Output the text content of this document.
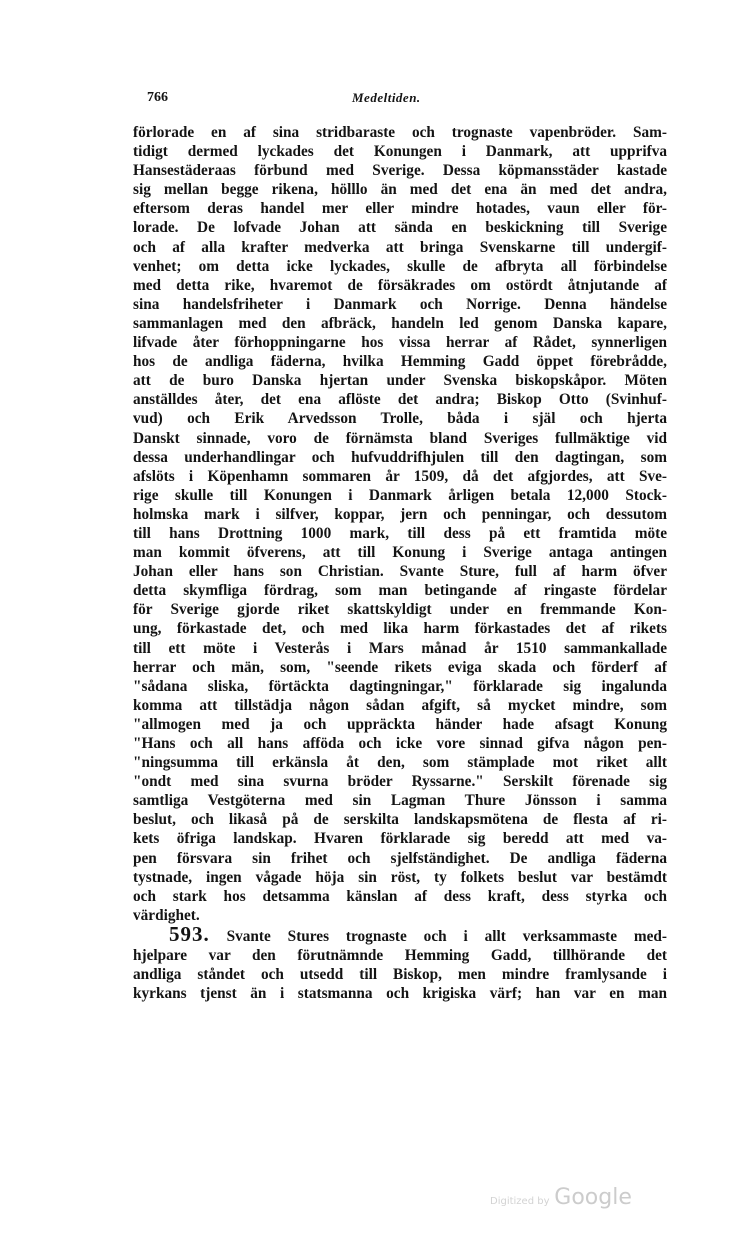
766	Medeltiden.
förlorade en af sina stridbaraste och trognaste vapenbröder. Sam-
tidigt dermed lyckades det Konungen i Danmark, att upprifva
Hansestäderaas förbund med Sverige. Dessa köpmansstäder kastade
sig mellan begge rikena, hölllo än med det ena än med det andra,
eftersom deras handel mer eller mindre hotades, vaun eller för-
lorade. De lofvade Johan att sända en beskickning till Sverige
och af alla krafter medverka att bringa Svenskarne till undergif-
venhet; om detta icke lyckades, skulle de afbryta all förbindelse
med detta rike, hvaremot de försäkrades om ostördt åtnjutande af
sina handelsfriheter i Danmark och Norrige. Denna händelse
sammanlagen med den afbräck, handeln led genom Danska kapare,
lifvade åter förhoppningarne hos vissa herrar af Rådet, synnerligen
hos de andliga fäderna, hvilka Hemming Gadd öppet förebrådde,
att de buro Danska hjertan under Svenska biskopskåpor. Möten
anställdes åter, det ena aflöste det andra; Biskop Otto (Svinhuf-
vud) och Erik Arvedsson Trolle, båda i själ och hjerta
Danskt sinnade, voro de förnämsta bland Sveriges fullmäktige vid
dessa underhandlingar och hufvuddrifhjulen till den dagtingan, som
afslöts i Köpenhamn sommaren år 1509, då det afgjordes, att Sve-
rige skulle till Konungen i Danmark årligen betala 12,000 Stock-
holmska mark i silfver, koppar, jern och penningar, och dessutom
till hans Drottning 1000 mark, till dess på ett framtida möte
man kommit öfverens, att till Konung i Sverige antaga antingen
Johan eller hans son Christian. Svante Sture, full af harm öfver
detta skymfliga fördrag, som man betingande af ringaste fördelar
för Sverige gjorde riket skattskyldigt under en fremmande Kon-
ung, förkastade det, och med lika harm förkastades det af rikets
till ett möte i Vesterås i Mars månad år 1510 sammankallade
herrar och män, som, "seende rikets eviga skada och förderf af
"sådana sliska, förtäckta dagtingningar," förklarade sig ingalunda
komma att tillstädja någon sådan afgift, så mycket mindre, som
"allmogen med ja och uppräckta händer hade afsagt Konung
"Hans och all hans afföda och icke vore sinnad gifva någon pen-
"ningsumma till erkänsla åt den, som stämplade mot riket allt
"ondt med sina svurna bröder Ryssarne." Serskilt förenade sig
samtliga Vestgöterna med sin Lagman Thure Jönsson i samma
beslut, och likaså på de serskilta landskapsmötena de flesta af ri-
kets öfriga landskap. Hvaren förklarade sig beredd att med va-
pen försvara sin frihet och sjelfständighet. De andliga fäderna
tystnade, ingen vågade höja sin röst, ty folkets beslut var bestämdt
och stark hos detsamma känslan af dess kraft, dess styrka och
värdighet.
593. Svante Stures trognaste och i allt verksammaste med-
hjelpare var den förutnämnde Hemming Gadd, tillhörande det
andliga ståndet och utsedd till Biskop, men mindre framlysande i
kyrkans tjenst än i statsmanna och krigiska värf; han var en man
Digitized by Google
